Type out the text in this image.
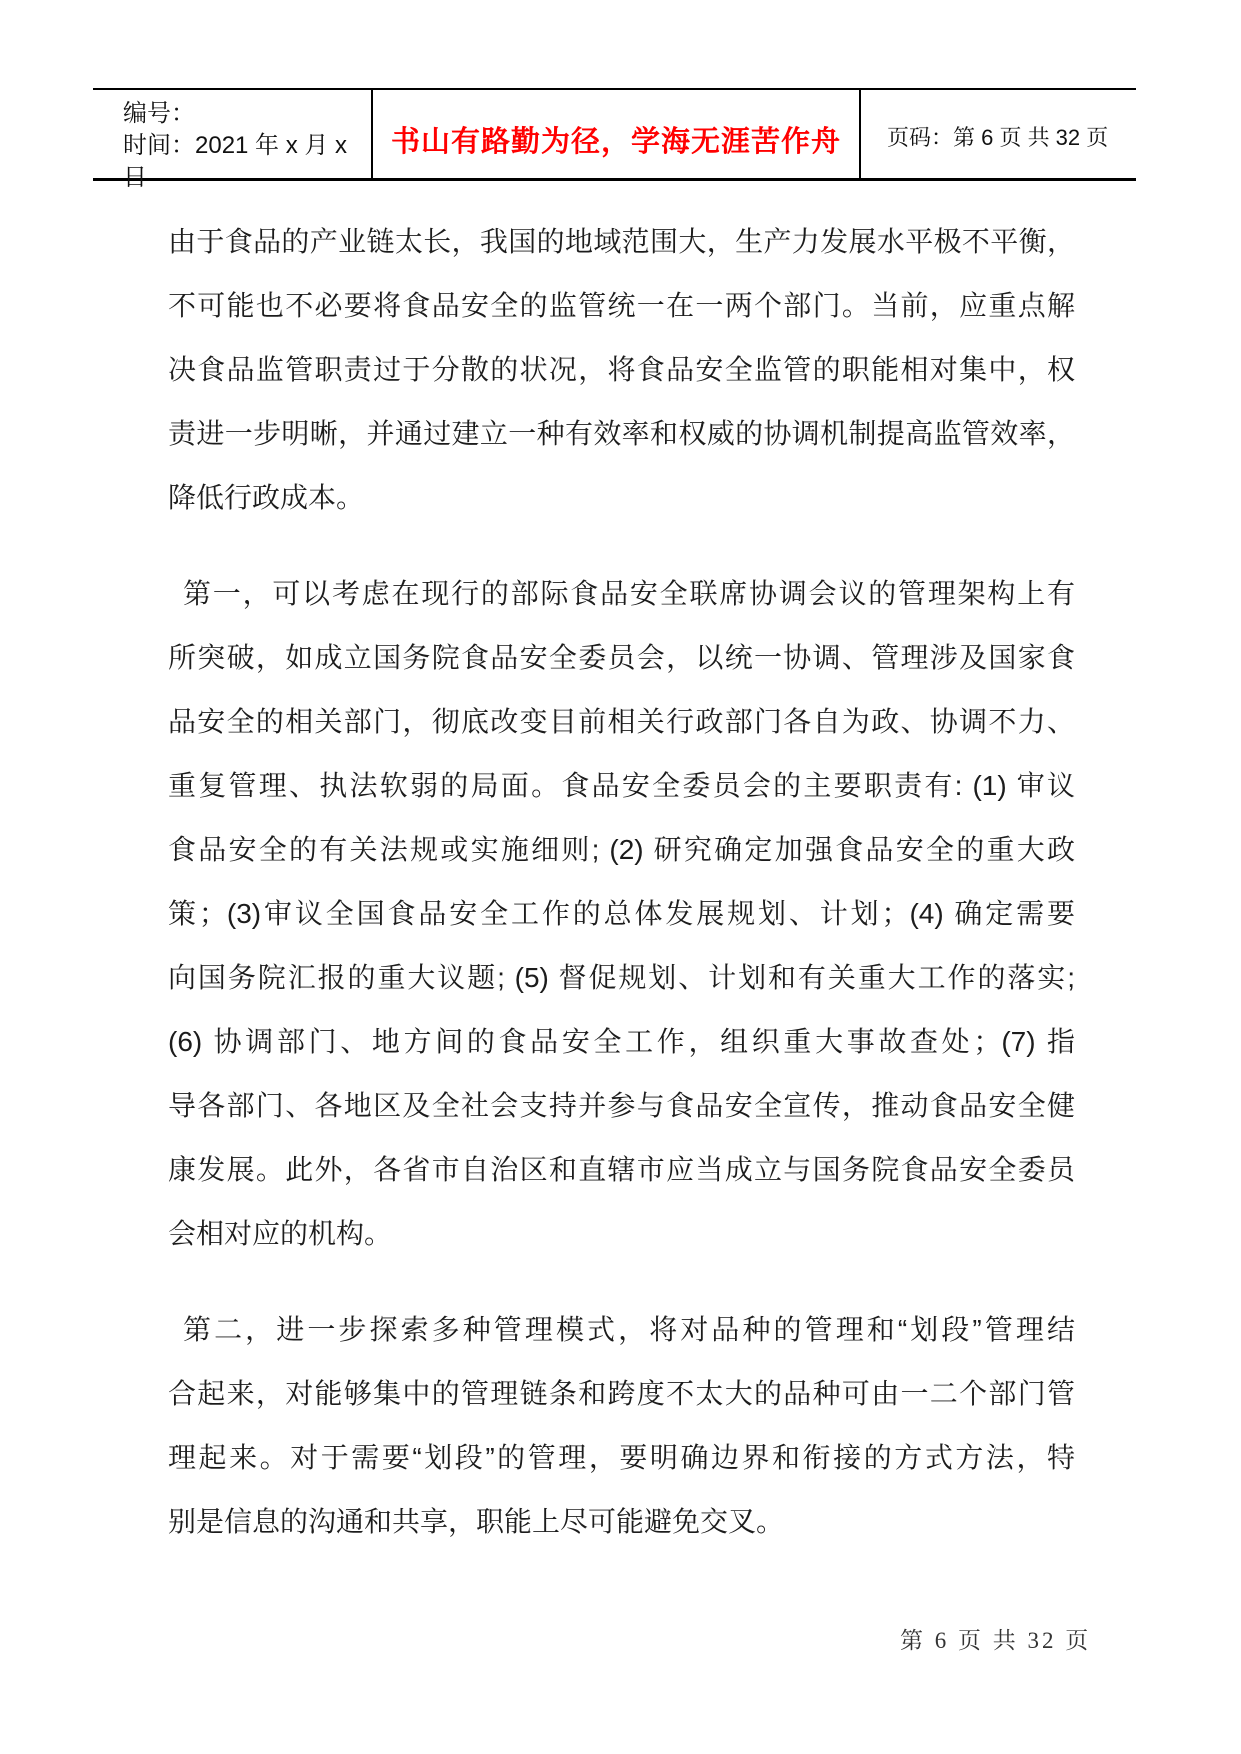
编号：
时间：2021 年 x 月 x 日
书山有路勤为径，学海无涯苦作舟 页码：第 6 页 共 32 页
由于食品的产业链太长，我国的地域范围大，生产力发展水平极不平衡，
不可能也不必要将食品安全的监管统一在一两个部门。当前，应重点解
决食品监管职责过于分散的状况，将食品安全监管的职能相对集中，权
责进一步明晰，并通过建立一种有效率和权威的协调机制提高监管效率，
降低行政成本。
第一，可以考虑在现行的部际食品安全联席协调会议的管理架构上有
所突破，如成立国务院食品安全委员会，以统一协调、管理涉及国家食
品安全的相关部门，彻底改变目前相关行政部门各自为政、协调不力、
重复管理、执法软弱的局面。食品安全委员会的主要职责有: (1) 审议
食品安全的有关法规或实施细则; (2) 研究确定加强食品安全的重大政
策；(3)审议全国食品安全工作的总体发展规划、计划；(4) 确定需要
向国务院汇报的重大议题; (5) 督促规划、计划和有关重大工作的落实;
(6) 协调部门、地方间的食品安全工作，组织重大事故查处；(7) 指
导各部门、各地区及全社会支持并参与食品安全宣传，推动食品安全健
康发展。此外，各省市自治区和直辖市应当成立与国务院食品安全委员
会相对应的机构。
第二，进一步探索多种管理模式，将对品种的管理和“划段”管理结
合起来，对能够集中的管理链条和跨度不太大的品种可由一二个部门管
理起来。对于需要“划段”的管理，要明确边界和衔接的方式方法，特
别是信息的沟通和共享，职能上尽可能避免交叉。
第 6 页 共 32 页
